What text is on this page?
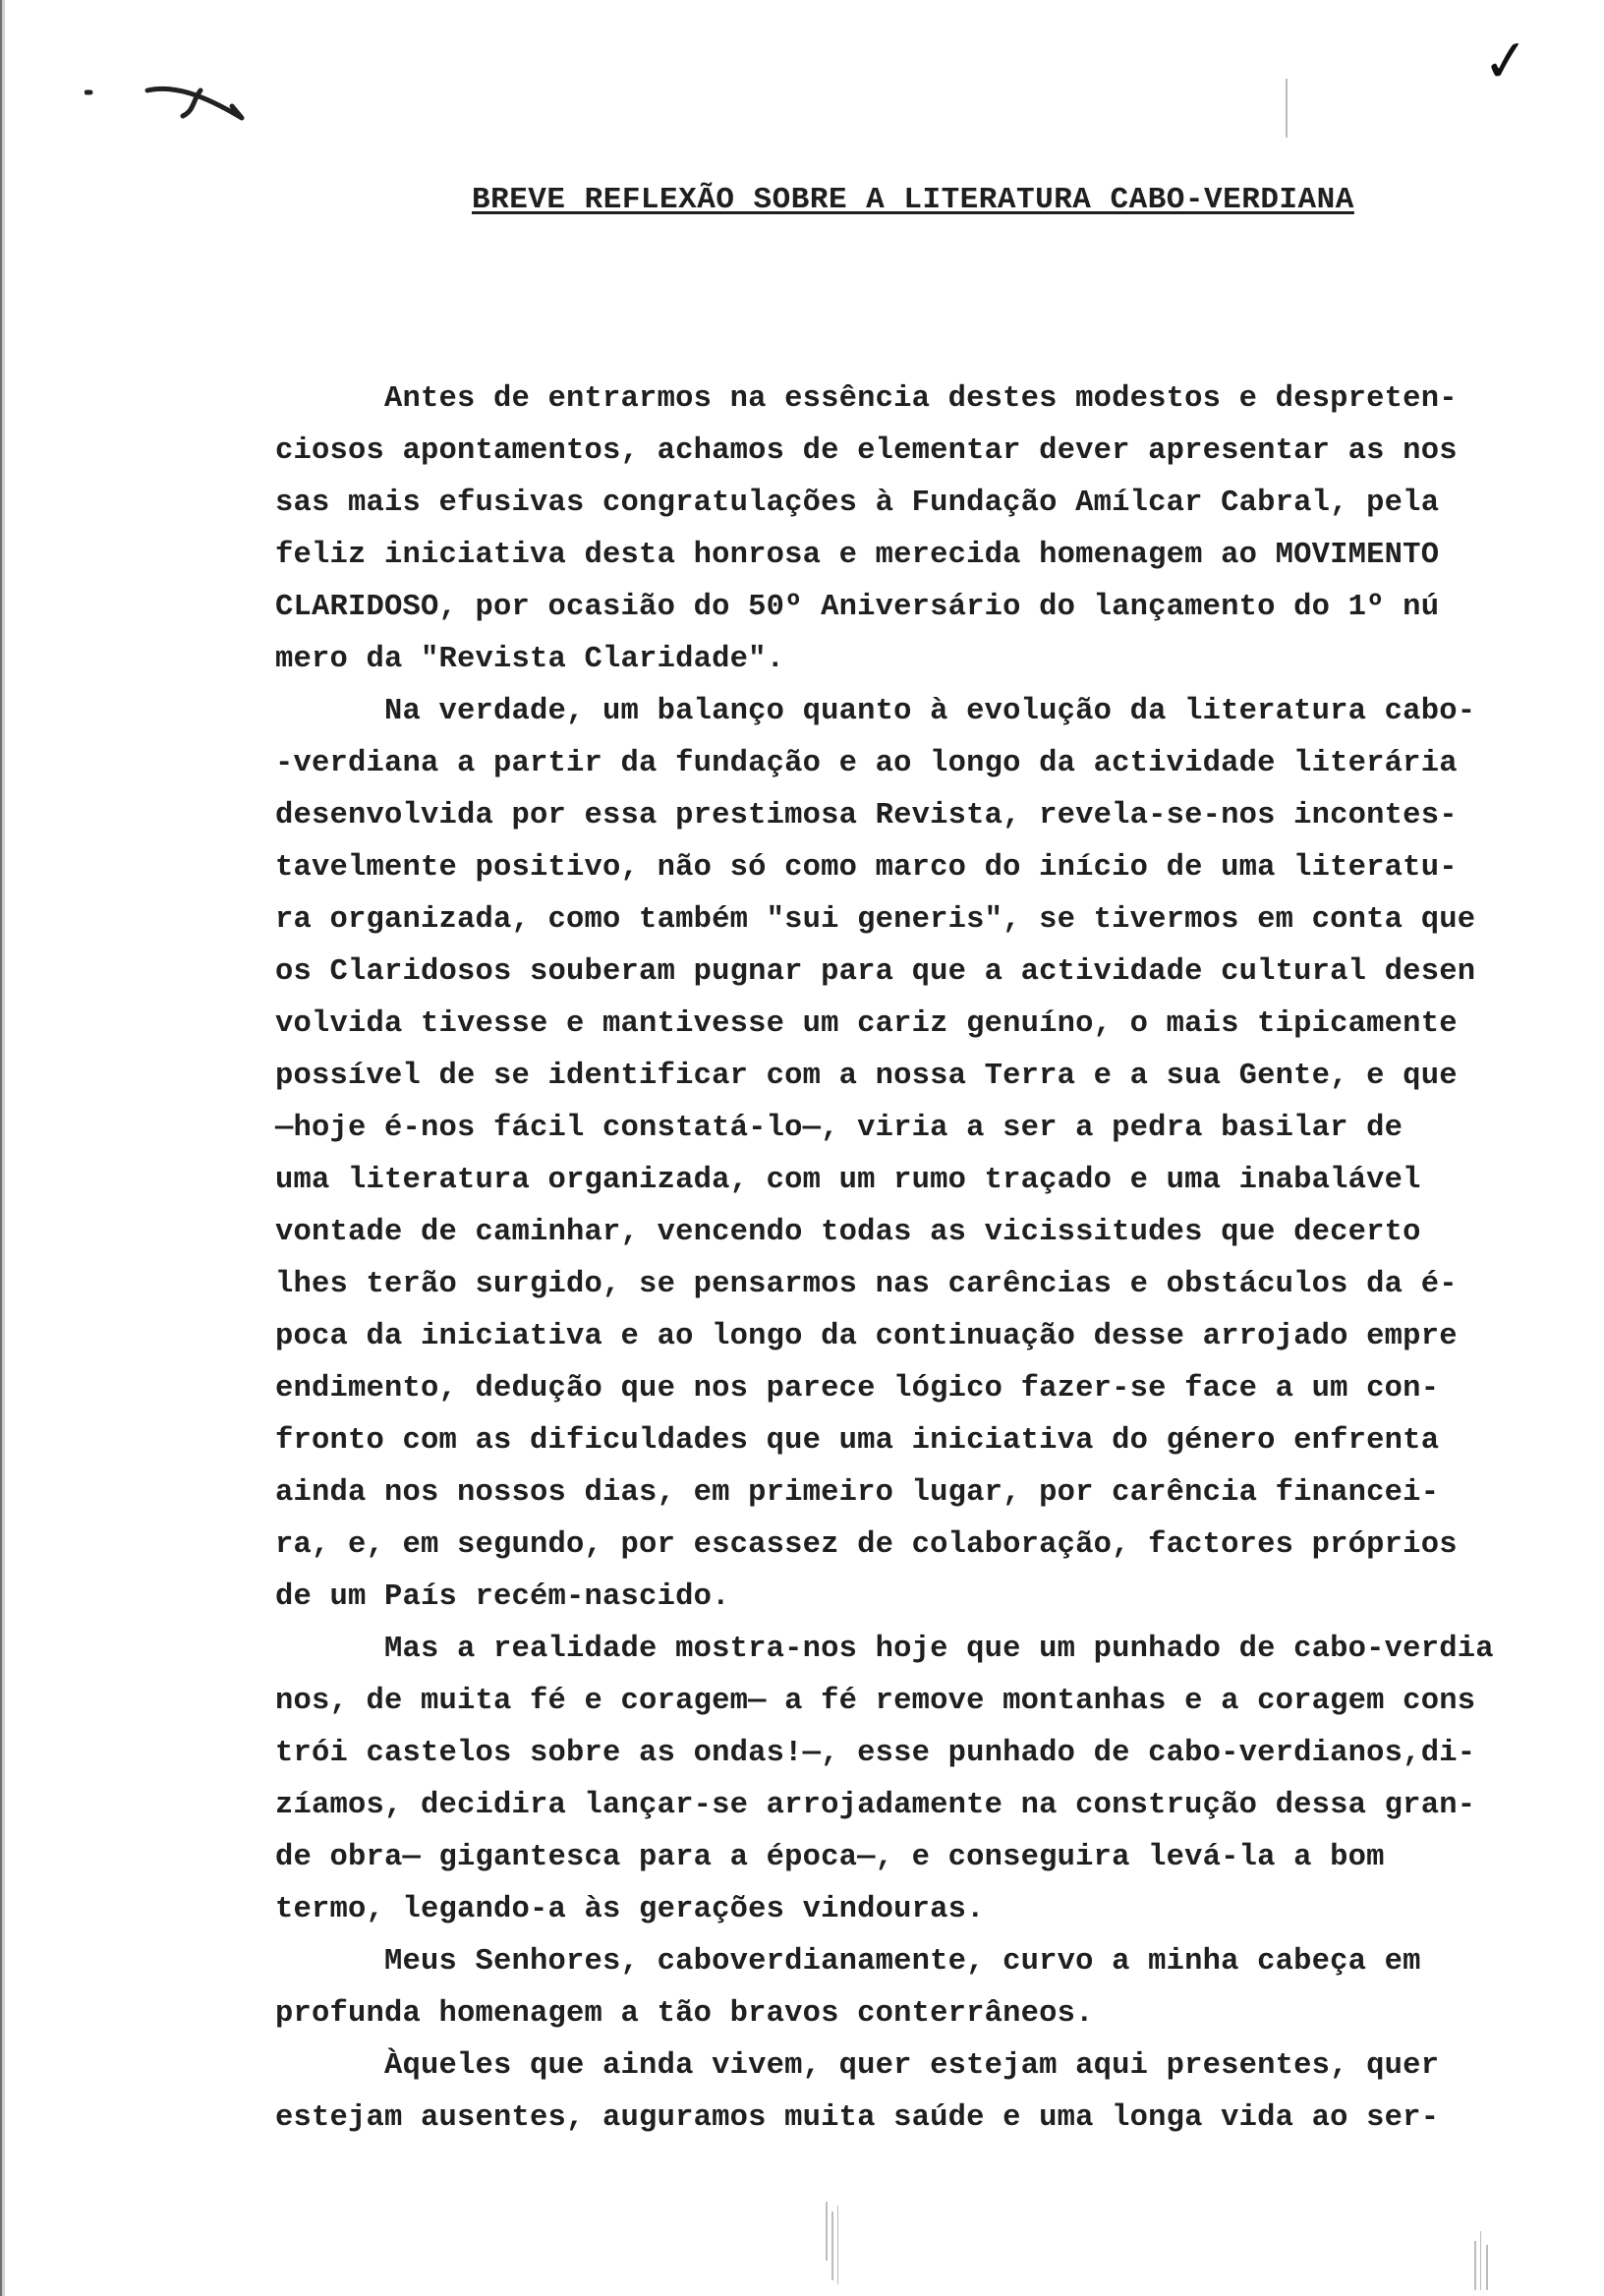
✓
BREVE REFLEXÃO SOBRE A LITERATURA CABO-VERDIANA
Antes de entrarmos na essência destes modestos e despreten-
ciosos apontamentos, achamos de elementar dever apresentar as nos
sas mais efusivas congratulações à Fundação Amílcar Cabral, pela
feliz iniciativa desta honrosa e merecida homenagem ao MOVIMENTO
CLARIDOSO, por ocasião do 50º Aniversário do lançamento do 1º nú
mero da "Revista Claridade".
Na verdade, um balanço quanto à evolução da literatura cabo-
-verdiana a partir da fundação e ao longo da actividade literária
desenvolvida por essa prestimosa Revista, revela-se-nos incontes-
tavelmente positivo, não só como marco do início de uma literatu-
ra organizada, como também "sui generis", se tivermos em conta que
os Claridosos souberam pugnar para que a actividade cultural desen
volvida tivesse e mantivesse um cariz genuíno, o mais tipicamente
possível de se identificar com a nossa Terra e a sua Gente, e que
—hoje é-nos fácil constatá-lo—, viria a ser a pedra basilar de
uma literatura organizada, com um rumo traçado e uma inabalável
vontade de caminhar, vencendo todas as vicissitudes que decerto
lhes terão surgido, se pensarmos nas carências e obstáculos da é-
poca da iniciativa e ao longo da continuação desse arrojado empre
endimento, dedução que nos parece lógico fazer-se face a um con-
fronto com as dificuldades que uma iniciativa do género enfrenta
ainda nos nossos dias, em primeiro lugar, por carência financei-
ra, e, em segundo, por escassez de colaboração, factores próprios
de um País recém-nascido.
Mas a realidade mostra-nos hoje que um punhado de cabo-verdia
nos, de muita fé e coragem— a fé remove montanhas e a coragem cons
trói castelos sobre as ondas!—, esse punhado de cabo-verdianos,di-
zíamos, decidira lançar-se arrojadamente na construção dessa gran-
de obra— gigantesca para a época—, e conseguira levá-la a bom
termo, legando-a às gerações vindouras.
Meus Senhores, caboverdianamente, curvo a minha cabeça em
profunda homenagem a tão bravos conterrâneos.
Àqueles que ainda vivem, quer estejam aqui presentes, quer
estejam ausentes, auguramos muita saúde e uma longa vida ao ser-
